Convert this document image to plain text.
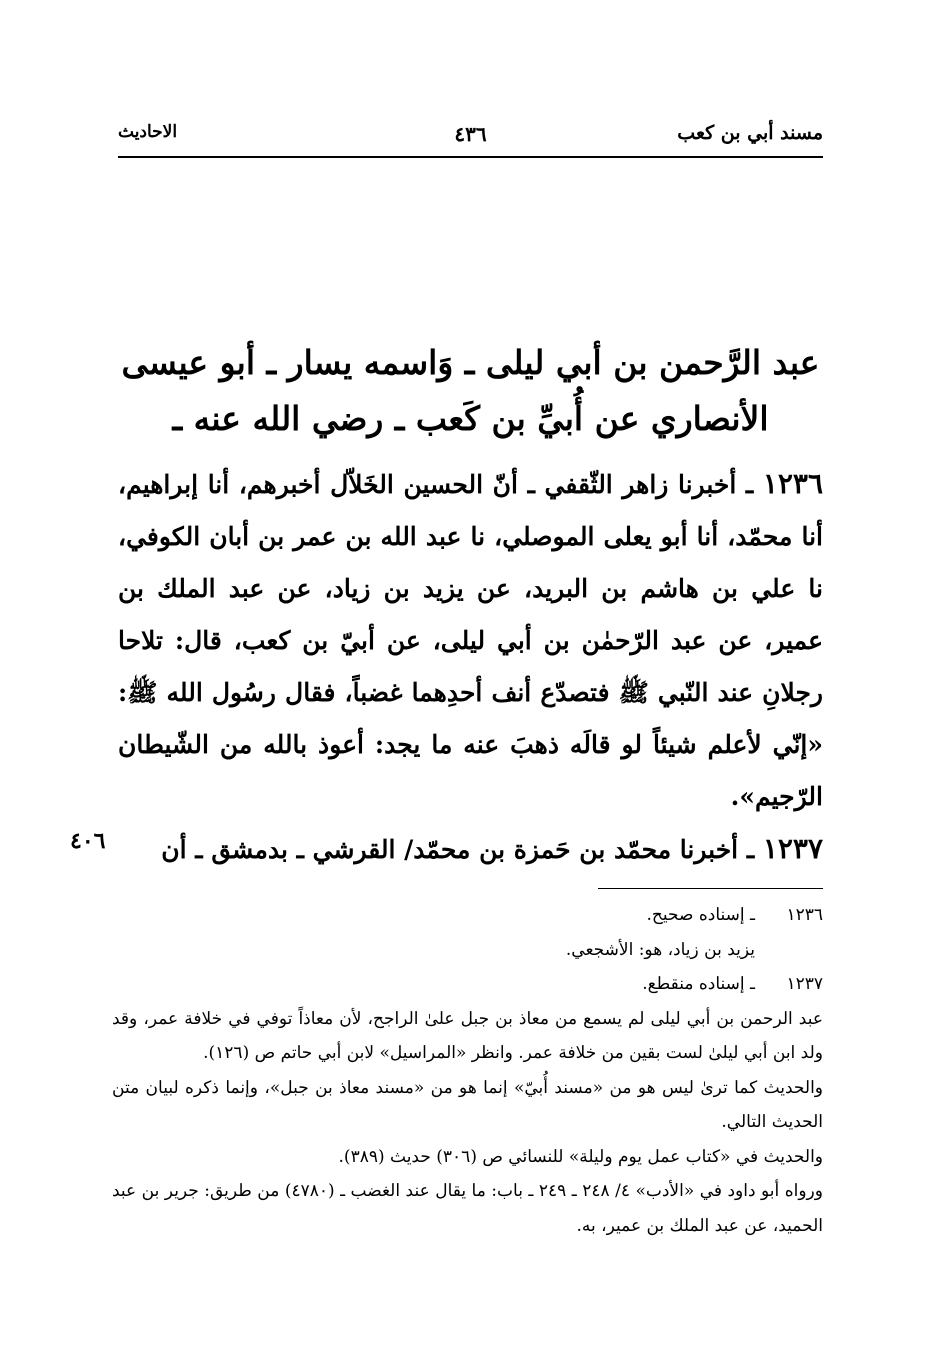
مسند أبي بن كعب
٤٣٦
الاحاديث
عبد الرَّحمن بن أبي ليلى ـ وَاسمه يسار ـ أبو عيسى
الأنصاري عن أُبيِّ بن كَعب ـ رضي الله عنه ـ

١٢٣٦ ـ أخبرنا زاهر الثّقفي ـ أنّ الحسين الخَلاّل أخبرهم، أنا إبراهيم، أنا محمّد، أنا أبو يعلى الموصلي، نا عبد الله بن عمر بن أبان الكوفي، نا علي بن هاشم بن البريد، عن يزيد بن زياد، عن عبد الملك بن عمير، عن عبد الرّحمٰن بن أبي ليلى، عن أبيّ بن كعب، قال: تلاحا رجلانِ عند النّبي ﷺ فتصدّع أنف أحدِهما غضباً، فقال رسُول الله ﷺ: «إنّي لأعلم شيئاً لو قالَه ذهبَ عنه ما يجد: أعوذ بالله من الشّيطان الرّجيم».

١٢٣٧ ـ أخبرنا محمّد بن حَمزة بن محمّد/ القرشي ـ بدمشق ـ أن

٤٠٦

١٢٣٦ـ إسناده صحيح.

يزيد بن زياد، هو: الأشجعي.

١٢٣٧ـ إسناده منقطع.

عبد الرحمن بن أبي ليلى لم يسمع من معاذ بن جبل علىٰ الراجح، لأن معاذاً توفي في خلافة عمر، وقد ولد ابن أبي ليلىٰ لست بقين من خلافة عمر. وانظر «المراسيل» لابن أبي حاتم ص (١٢٦).

والحديث كما ترىٰ ليس هو من «مسند أُبيّ» إنما هو من «مسند معاذ بن جبل»، وإنما ذكره لبيان متن الحديث التالي.

والحديث في «كتاب عمل يوم وليلة» للنسائي ص (٣٠٦) حديث (٣٨٩).

ورواه أبو داود في «الأدب» ٤/ ٢٤٨ ـ ٢٤٩ ـ باب: ما يقال عند الغضب ـ (٤٧٨٠) من طريق: جرير بن عبد الحميد، عن عبد الملك بن عمير، به.
